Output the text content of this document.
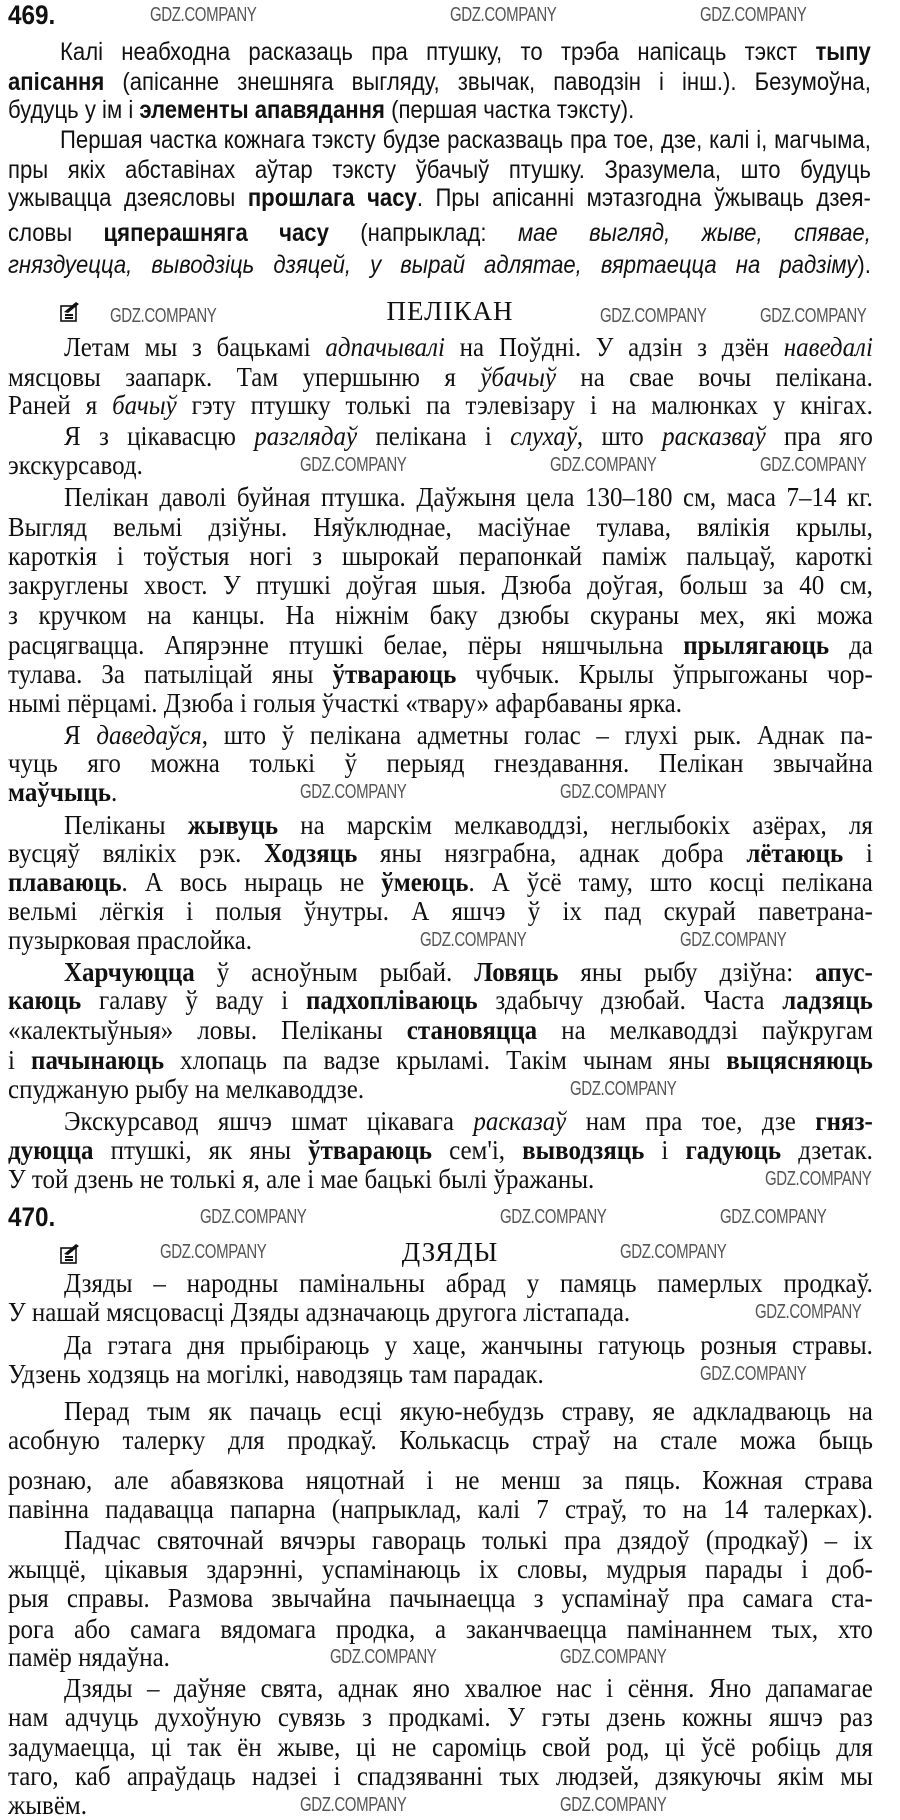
469.
ПЕЛІКАН
470.
ДЗЯДЫ
Калі неабходна расказаць пра птушку, то трэба напісаць тэкст тыпу
апісання (апісанне знешняга выгляду, звычак, паводзін і інш.). Безумоўна,
будуць у ім і элементы апавядання (першая частка тэксту).
Першая частка кожнага тэксту будзе расказваць пра тое, дзе, калі і, магчыма,
пры якіх абставінах аўтар тэксту ўбачыў птушку. Зразумела, што будуць
ужывацца дзеясловы прошлага часу. Пры апісанні мэтазгодна ўжываць дзея-
словы цяперашняга часу (напрыклад: мае выгляд, жыве, спявае,
гняздуецца, выводзіць дзяцей, у вырай адлятае, вяртаецца на радзіму).
Летам мы з бацькамі адпачывалі на Поўдні. У адзін з дзён наведалі
мясцовы заапарк. Там упершыню я ўбачыў на свае вочы пелікана.
Раней я бачыў гэту птушку толькі па тэлевізару і на малюнках у кнігах.
Я з цікавасцю разглядаў пелікана і слухаў, што расказваў пра яго
экскурсавод.
Пелікан даволі буйная птушка. Даўжыня цела 130–180 см, маса 7–14 кг.
Выгляд вельмі дзіўны. Няўклюднае, масіўнае тулава, вялікія крылы,
кароткія і тоўстыя ногі з шырокай перапонкай паміж пальцаў, кароткі
закруглены хвост. У птушкі доўгая шыя. Дзюба доўгая, больш за 40 см,
з кручком на канцы. На ніжнім баку дзюбы скураны мех, які можа
расцягвацца. Апярэнне птушкі белае, пёры няшчыльна прылягаюць да
тулава. За патыліцай яны ўтвараюць чубчык. Крылы ўпрыгожаны чор-
нымі пёрцамі. Дзюба і голыя ўчасткі «твару» афарбаваны ярка.
Я даведаўся, што ў пелікана адметны голас – глухі рык. Аднак па-
чуць яго можна толькі ў перыяд гнездавання. Пелікан звычайна
маўчыць.
Пеліканы жывуць на марскім мелкаводдзі, неглыбокіх азёрах, ля
вусцяў вялікіх рэк. Ходзяць яны нязграбна, аднак добра лётаюць і
плаваюць. А вось ныраць не ўмеюць. А ўсё таму, што косці пелікана
вельмі лёгкія і полыя ўнутры. А яшчэ ў іх пад скурай паветрана-
пузырковая праслойка.
Харчуюцца ў асноўным рыбай. Ловяць яны рыбу дзіўна: апус-
каюць галаву ў ваду і падхопліваюць здабычу дзюбай. Часта ладзяць
«калектыўныя» ловы. Пеліканы становяцца на мелкаводдзі паўкругам
і пачынаюць хлопаць па вадзе крыламі. Такім чынам яны выцясняюць
спуджаную рыбу на мелкаводдзе.
Экскурсавод яшчэ шмат цікавага расказаў нам пра тое, дзе гняз-
дуюцца птушкі, як яны ўтвараюць сем'і, выводзяць і гадуюць дзетак.
У той дзень не толькі я, але і мае бацькі былі ўражаны.
Дзяды – народны памінальны абрад у памяць памерлых продкаў.
У нашай мясцовасці Дзяды адзначаюць другога лістапада.
Да гэтага дня прыбіраюць у хаце, жанчыны гатуюць розныя стравы.
Удзень ходзяць на могілкі, наводзяць там парадак.
Перад тым як пачаць есці якую-небудзь страву, яе адкладваюць на
асобную талерку для продкаў. Колькасць страў на стале можа быць
рознаю, але абавязкова няцотнай і не менш за пяць. Кожная страва
павінна падавацца папарна (напрыклад, калі 7 страў, то на 14 талерках).
Падчас святочнай вячэры гавораць толькі пра дзядоў (продкаў) – іх
жыццё, цікавыя здарэнні, успамінаюць іх словы, мудрыя парады і доб-
рыя справы. Размова звычайна пачынаецца з успамінаў пра самага ста-
рога або самага вядомага продка, а заканчваецца памінаннем тых, хто
памёр нядаўна.
Дзяды – даўняе свята, аднак яно хвалюе нас і сёння. Яно дапамагае
нам адчуць духоўную сувязь з продкамі. У гэты дзень кожны яшчэ раз
задумаецца, ці так ён жыве, ці не сароміць свой род, ці ўсё робіць для
таго, каб апраўдаць надзеі і спадзяванні тых людзей, дзякуючы якім мы
жывём.
GDZ.COMPANY	GDZ.COMPANY	GDZ.COMPANY
GDZ.COMPANY	GDZ.COMPANY	GDZ.COMPANY
GDZ.COMPANY	GDZ.COMPANY	GDZ.COMPANY
GDZ.COMPANY	GDZ.COMPANY
GDZ.COMPANY	GDZ.COMPANY
GDZ.COMPANY
GDZ.COMPANY
GDZ.COMPANY	GDZ.COMPANY	GDZ.COMPANY
GDZ.COMPANY	GDZ.COMPANY
GDZ.COMPANY
GDZ.COMPANY
GDZ.COMPANY	GDZ.COMPANY
GDZ.COMPANY	GDZ.COMPANY
